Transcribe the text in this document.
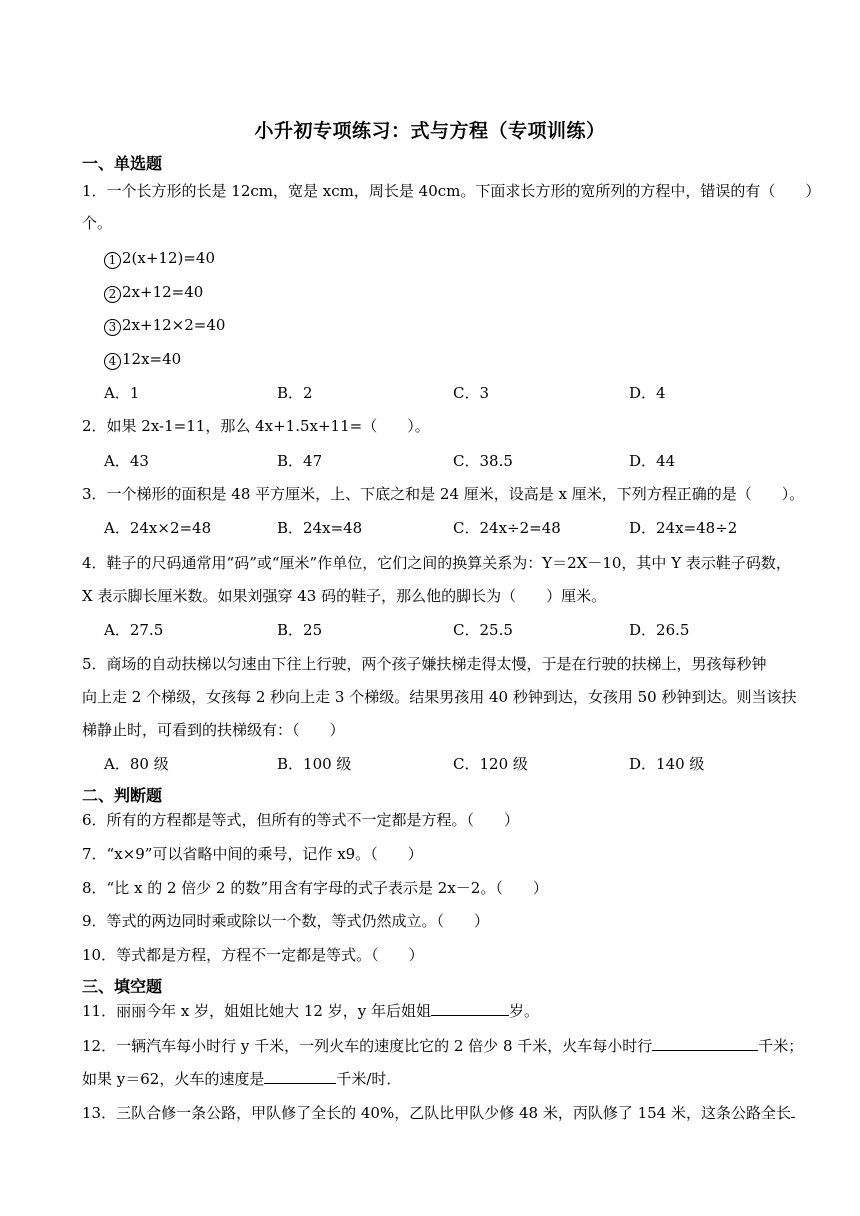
小升初专项练习：式与方程（专项训练）
一、单选题
1．一个长方形的长是 12cm，宽是 xcm，周长是 40cm。下面求长方形的宽所列的方程中，错误的有（　　）
个。
1 2(x+12)=40
2 2x+12=40
3 2x+12×2=40
4 12x=40
A．1	B．2	C．3	D．4
2．如果 2x-1=11，那么 4x+1.5x+11=（　　）。
A．43	B．47	C．38.5	D．44
3．一个梯形的面积是 48 平方厘米，上、下底之和是 24 厘米，设高是 x 厘米，下列方程正确的是（　　）。
A．24x×2=48	B．24x=48	C．24x÷2=48	D．24x=48÷2
4．鞋子的尺码通常用“码”或“厘米”作单位，它们之间的换算关系为：Y＝2X－10，其中 Y 表示鞋子码数，
X 表示脚长厘米数。如果刘强穿 43 码的鞋子，那么他的脚长为（　　）厘米。
A．27.5	B．25	C．25.5	D．26.5
5．商场的自动扶梯以匀速由下往上行驶，两个孩子嫌扶梯走得太慢，于是在行驶的扶梯上，男孩每秒钟
向上走 2 个梯级，女孩每 2 秒向上走 3 个梯级。结果男孩用 40 秒钟到达，女孩用 50 秒钟到达。则当该扶
梯静止时，可看到的扶梯级有：（　　）
A．80 级	B．100 级	C．120 级	D．140 级
二、判断题
6．所有的方程都是等式，但所有的等式不一定都是方程。（　　）
7．“x×9”可以省略中间的乘号，记作 x9。（　　）
8．“比 x 的 2 倍少 2 的数”用含有字母的式子表示是 2x－2。（　　）
9．等式的两边同时乘或除以一个数，等式仍然成立。（　　）
10．等式都是方程，方程不一定都是等式。（　　）
三、填空题
11．丽丽今年 x 岁，姐姐比她大 12 岁，y 年后姐姐	岁。
12．一辆汽车每小时行 y 千米，一列火车的速度比它的 2 倍少 8 千米，火车每小时行	千米；
如果 y＝62，火车的速度是	千米/时．
13．三队合修一条公路，甲队修了全长的 40%，乙队比甲队少修 48 米，丙队修了 154 米，这条公路全长
